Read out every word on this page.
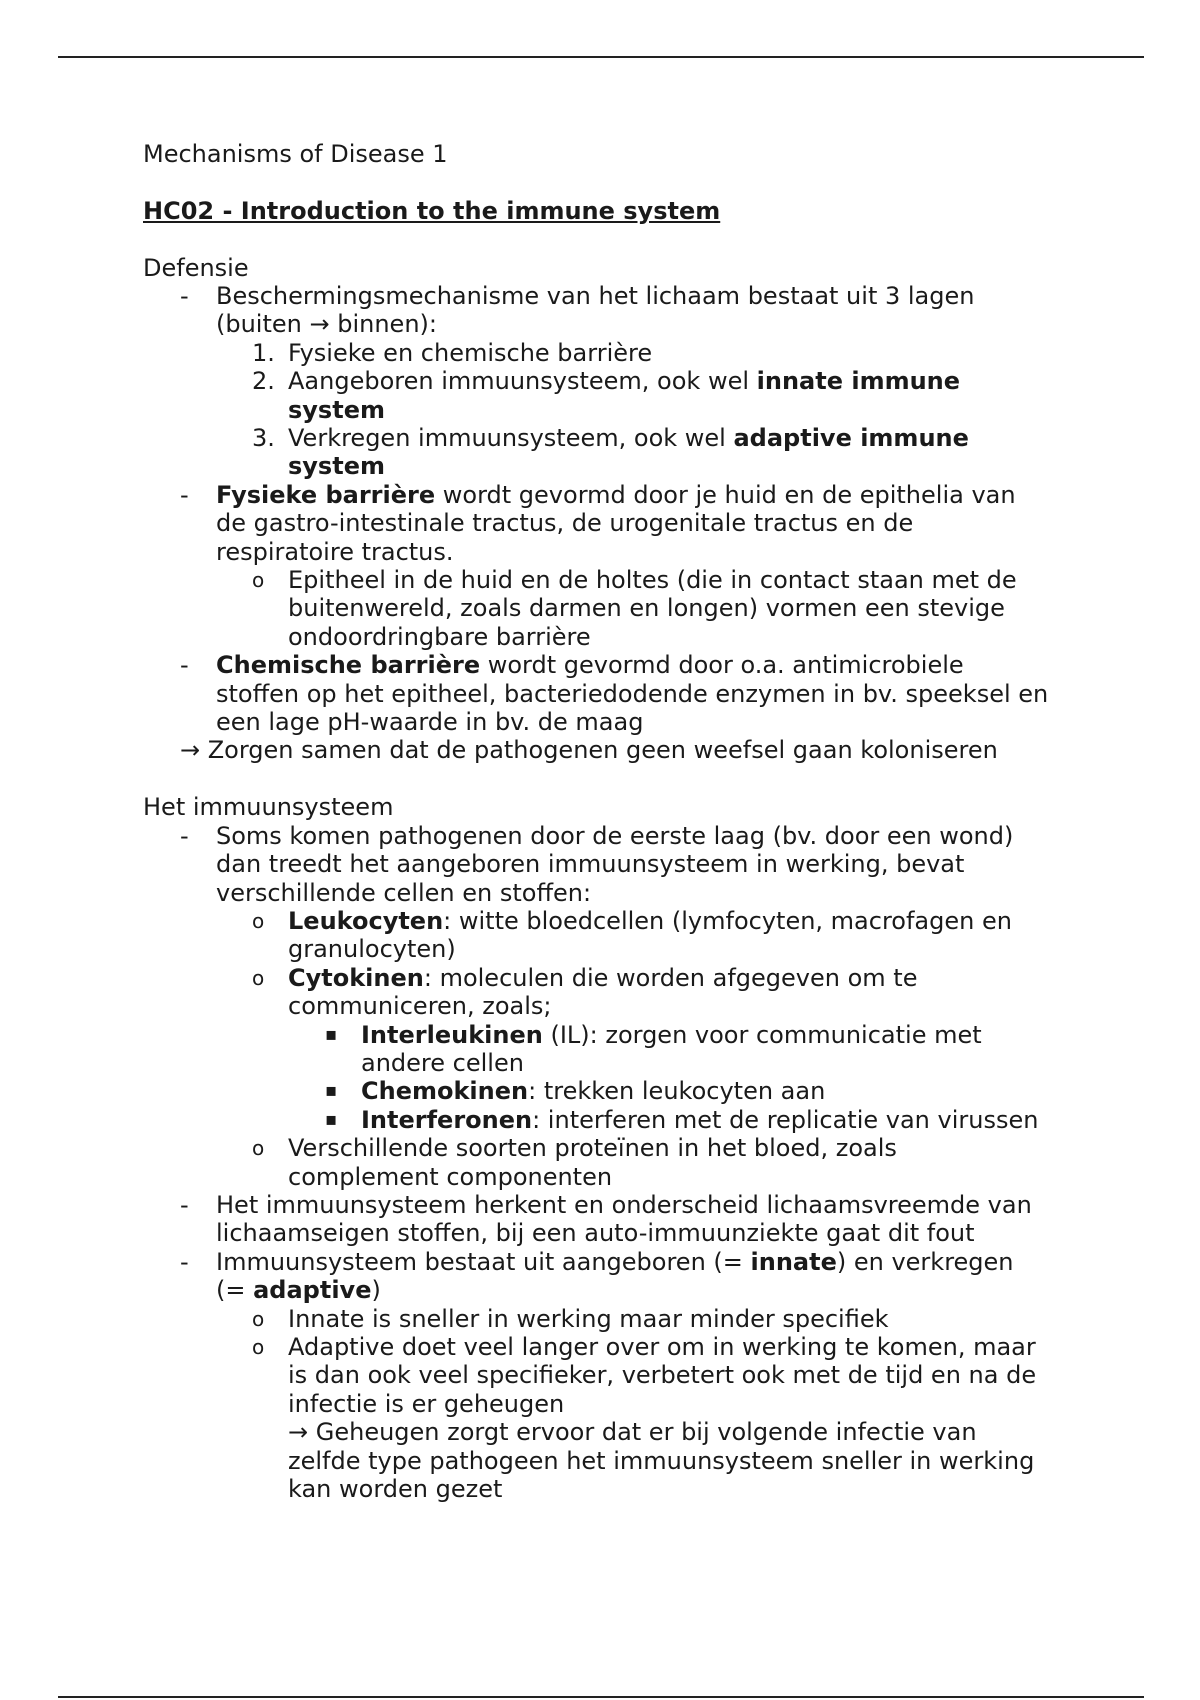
Mechanisms of Disease 1
HC02 - Introduction to the immune system
Defensie
- Beschermingsmechanisme van het lichaam bestaat uit 3 lagen
(buiten → binnen):
1. Fysieke en chemische barrière
2. Aangeboren immuunsysteem, ook wel innate immune
system
3. Verkregen immuunsysteem, ook wel adaptive immune
system
- Fysieke barrière wordt gevormd door je huid en de epithelia van
de gastro-intestinale tractus, de urogenitale tractus en de
respiratoire tractus.
o Epitheel in de huid en de holtes (die in contact staan met de
buitenwereld, zoals darmen en longen) vormen een stevige
ondoordringbare barrière
- Chemische barrière wordt gevormd door o.a. antimicrobiele
stoffen op het epitheel, bacteriedodende enzymen in bv. speeksel en
een lage pH-waarde in bv. de maag
→ Zorgen samen dat de pathogenen geen weefsel gaan koloniseren
Het immuunsysteem
- Soms komen pathogenen door de eerste laag (bv. door een wond)
dan treedt het aangeboren immuunsysteem in werking, bevat
verschillende cellen en stoffen:
o Leukocyten: witte bloedcellen (lymfocyten, macrofagen en
granulocyten)
o Cytokinen: moleculen die worden afgegeven om te
communiceren, zoals;
▪ Interleukinen (IL): zorgen voor communicatie met
andere cellen
▪ Chemokinen: trekken leukocyten aan
▪ Interferonen: interferen met de replicatie van virussen
o Verschillende soorten proteïnen in het bloed, zoals
complement componenten
- Het immuunsysteem herkent en onderscheid lichaamsvreemde van
lichaamseigen stoffen, bij een auto-immuunziekte gaat dit fout
- Immuunsysteem bestaat uit aangeboren (= innate) en verkregen
(= adaptive)
o Innate is sneller in werking maar minder specifiek
o Adaptive doet veel langer over om in werking te komen, maar
is dan ook veel specifieker, verbetert ook met de tijd en na de
infectie is er geheugen
→ Geheugen zorgt ervoor dat er bij volgende infectie van
zelfde type pathogeen het immuunsysteem sneller in werking
kan worden gezet
